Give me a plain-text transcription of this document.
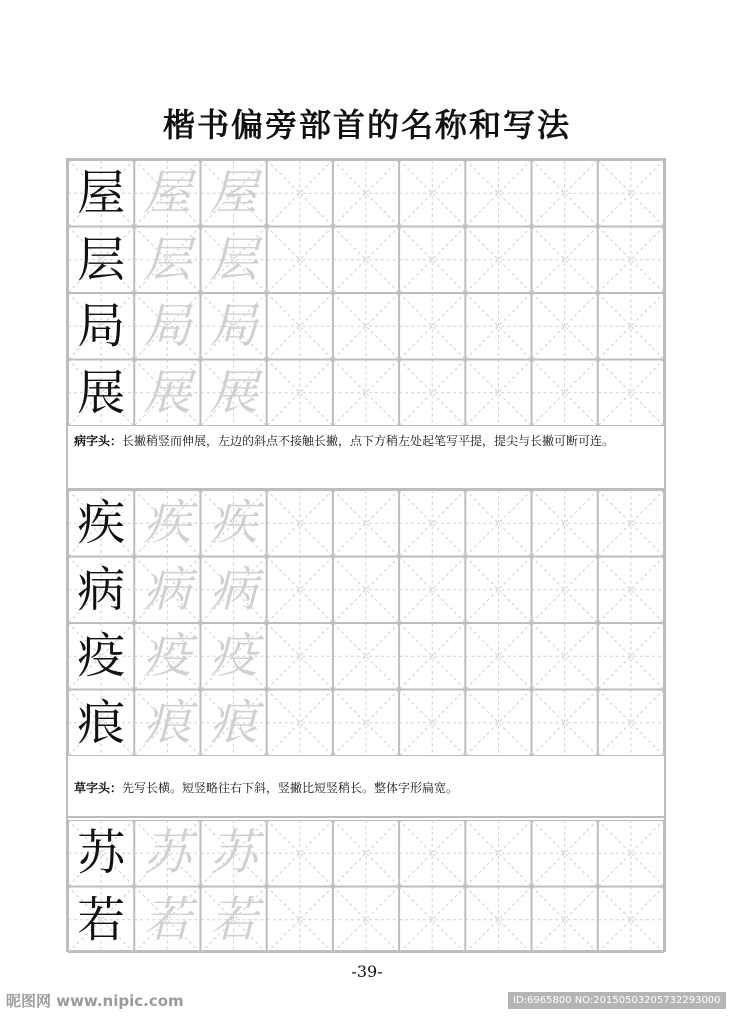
楷书偏旁部首的名称和写法
屋 屋 屋
层 层 层
局 局 局
展 展 展
病字头：长撇稍竖而伸展，左边的斜点不接触长撇，点下方稍左处起笔写平提，提尖与长撇可断可连。
疾 疾 疾
病 病 病
疫 疫 疫
痕 痕 痕
草字头：先写长横。短竖略往右下斜，竖撇比短竖稍长。整体字形扁宽。
苏 苏 苏
若 若 若
-39-
昵图网 www.nipic.com	ID:6965800 NO:20150503205732293000
